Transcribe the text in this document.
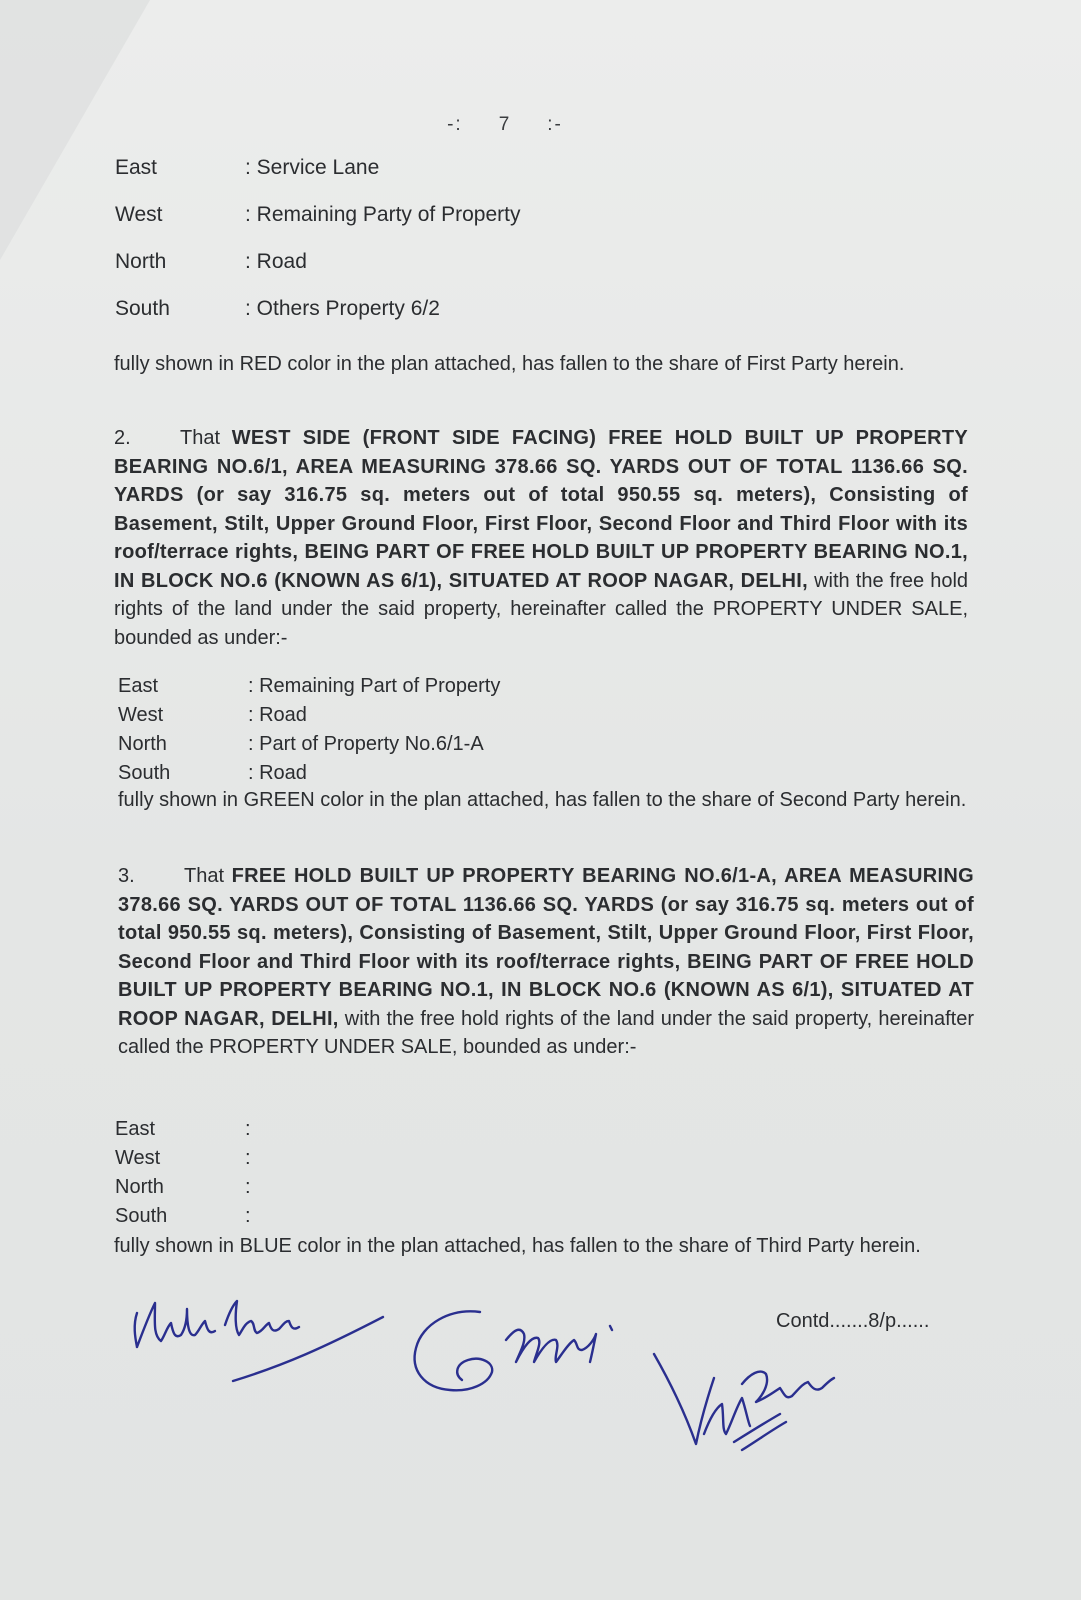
-: 7 :-
East	: Service Lane
West	: Remaining Party of Property
North	: Road
South	: Others Property 6/2
fully shown in RED color in the plan attached, has fallen to the share of First Party herein.
2. That WEST SIDE (FRONT SIDE FACING) FREE HOLD BUILT UP PROPERTY BEARING NO.6/1, AREA MEASURING 378.66 SQ. YARDS OUT OF TOTAL 1136.66 SQ. YARDS (or say 316.75 sq. meters out of total 950.55 sq. meters), Consisting of Basement, Stilt, Upper Ground Floor, First Floor, Second Floor and Third Floor with its roof/terrace rights, BEING PART OF FREE HOLD BUILT UP PROPERTY BEARING NO.1, IN BLOCK NO.6 (KNOWN AS 6/1), SITUATED AT ROOP NAGAR, DELHI, with the free hold rights of the land under the said property, hereinafter called the PROPERTY UNDER SALE, bounded as under:-
East	: Remaining Part of Property
West	: Road
North	: Part of Property No.6/1-A
South	: Road
fully shown in GREEN color in the plan attached, has fallen to the share of Second Party herein.
3. That FREE HOLD BUILT UP PROPERTY BEARING NO.6/1-A, AREA MEASURING 378.66 SQ. YARDS OUT OF TOTAL 1136.66 SQ. YARDS (or say 316.75 sq. meters out of total 950.55 sq. meters), Consisting of Basement, Stilt, Upper Ground Floor, First Floor, Second Floor and Third Floor with its roof/terrace rights, BEING PART OF FREE HOLD BUILT UP PROPERTY BEARING NO.1, IN BLOCK NO.6 (KNOWN AS 6/1), SITUATED AT ROOP NAGAR, DELHI, with the free hold rights of the land under the said property, hereinafter called the PROPERTY UNDER SALE, bounded as under:-
East	:
West	:
North	:
South	:
fully shown in BLUE color in the plan attached, has fallen to the share of Third Party herein.
Contd.......8/p......
